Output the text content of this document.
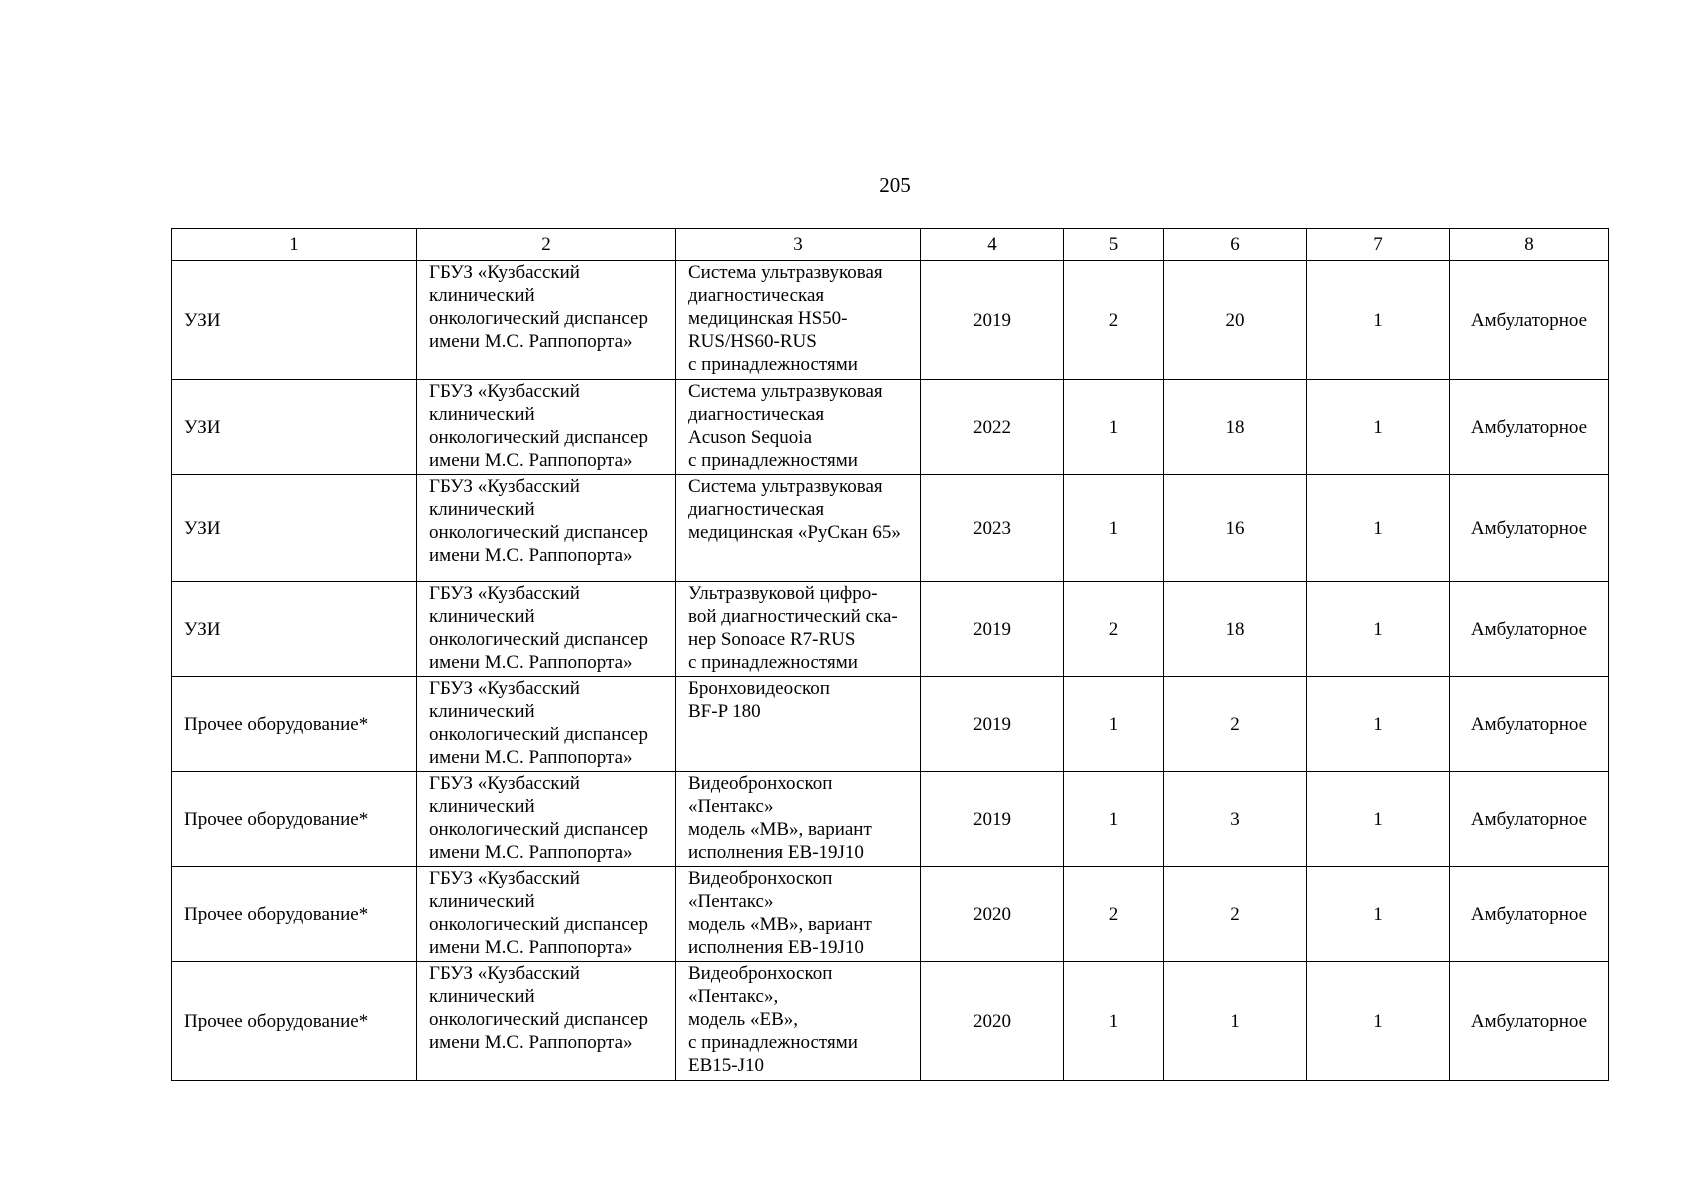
205
1	2	3	4	5	6	7	8
УЗИ	ГБУЗ «Кузбасский
клинический
онкологический диспансер
имени М.С. Раппопорта»	Система ультразвуковая
диагностическая
медицинская HS50-
RUS/HS60-RUS
с принадлежностями	2019	2	20	1	Амбулаторное
УЗИ	ГБУЗ «Кузбасский
клинический
онкологический диспансер
имени М.С. Раппопорта»	Система ультразвуковая
диагностическая
Acuson Sequoia
с принадлежностями	2022	1	18	1	Амбулаторное
УЗИ	ГБУЗ «Кузбасский
клинический
онкологический диспансер
имени М.С. Раппопорта»	Система ультразвуковая
диагностическая
медицинская «РуСкан 65»	2023	1	16	1	Амбулаторное
УЗИ	ГБУЗ «Кузбасский
клинический
онкологический диспансер
имени М.С. Раппопорта»	Ультразвуковой цифро-
вой диагностический ска-
нер Sonoace R7-RUS
с принадлежностями	2019	2	18	1	Амбулаторное
Прочее оборудование*	ГБУЗ «Кузбасский
клинический
онкологический диспансер
имени М.С. Раппопорта»	Бронховидеоскоп
BF-P 180	2019	1	2	1	Амбулаторное
Прочее оборудование*	ГБУЗ «Кузбасский
клинический
онкологический диспансер
имени М.С. Раппопорта»	Видеобронхоскоп
«Пентакс»
модель «МВ», вариант
исполнения ЕВ-19J10	2019	1	3	1	Амбулаторное
Прочее оборудование*	ГБУЗ «Кузбасский
клинический
онкологический диспансер
имени М.С. Раппопорта»	Видеобронхоскоп
«Пентакс»
модель «МВ», вариант
исполнения ЕВ-19J10	2020	2	2	1	Амбулаторное
Прочее оборудование*	ГБУЗ «Кузбасский
клинический
онкологический диспансер
имени М.С. Раппопорта»	Видеобронхоскоп
«Пентакс»,
модель «ЕВ»,
с принадлежностями
ЕВ15-J10	2020	1	1	1	Амбулаторное
